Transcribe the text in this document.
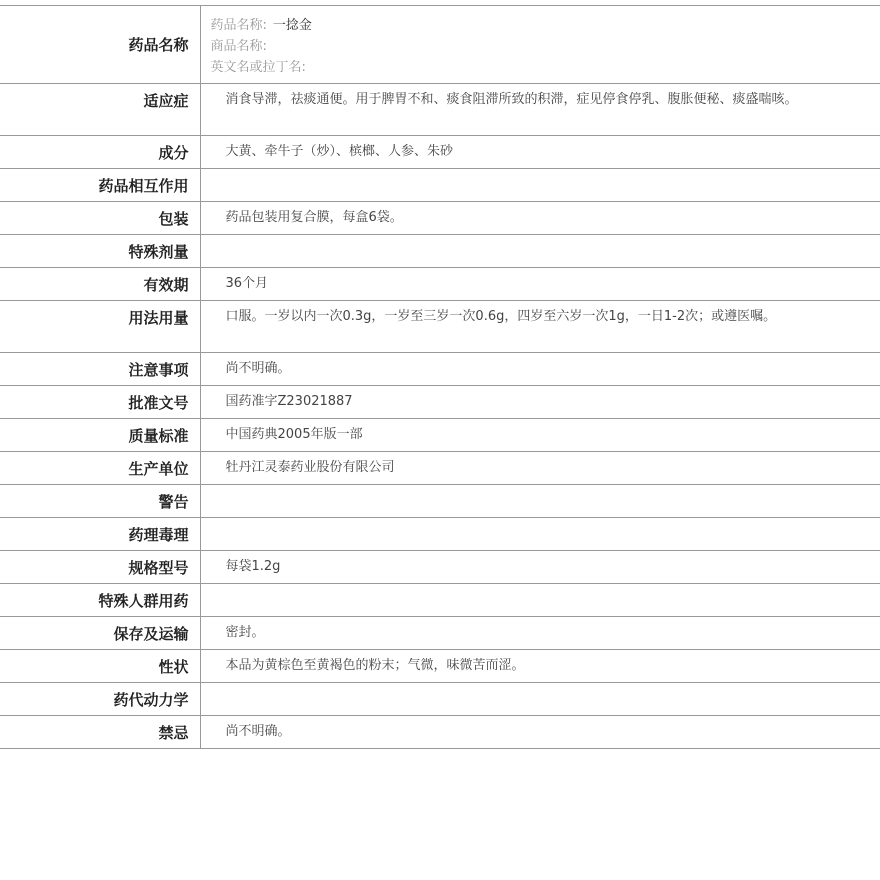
药品名称	药品名称: 一捻金
商品名称:
英文名或拉丁名:

适应症	消食导滞，祛痰通便。用于脾胃不和、痰食阻滞所致的积滞，症见停食停乳、腹胀便秘、痰盛喘咳。
成分	大黄、牵牛子（炒）、槟榔、人参、朱砂
药品相互作用	
包装	药品包装用复合膜，每盒6袋。
特殊剂量	
有效期	36个月
用法用量	口服。一岁以内一次0.3g，一岁至三岁一次0.6g，四岁至六岁一次1g，一日1-2次；或遵医嘱。
注意事项	尚不明确。
批准文号	国药准字Z23021887
质量标准	中国药典2005年版一部
生产单位	牡丹江灵泰药业股份有限公司
警告	
药理毒理	
规格型号	每袋1.2g
特殊人群用药	
保存及运输	密封。
性状	本品为黄棕色至黄褐色的粉末；气微，味微苦而涩。
药代动力学	
禁忌	尚不明确。
